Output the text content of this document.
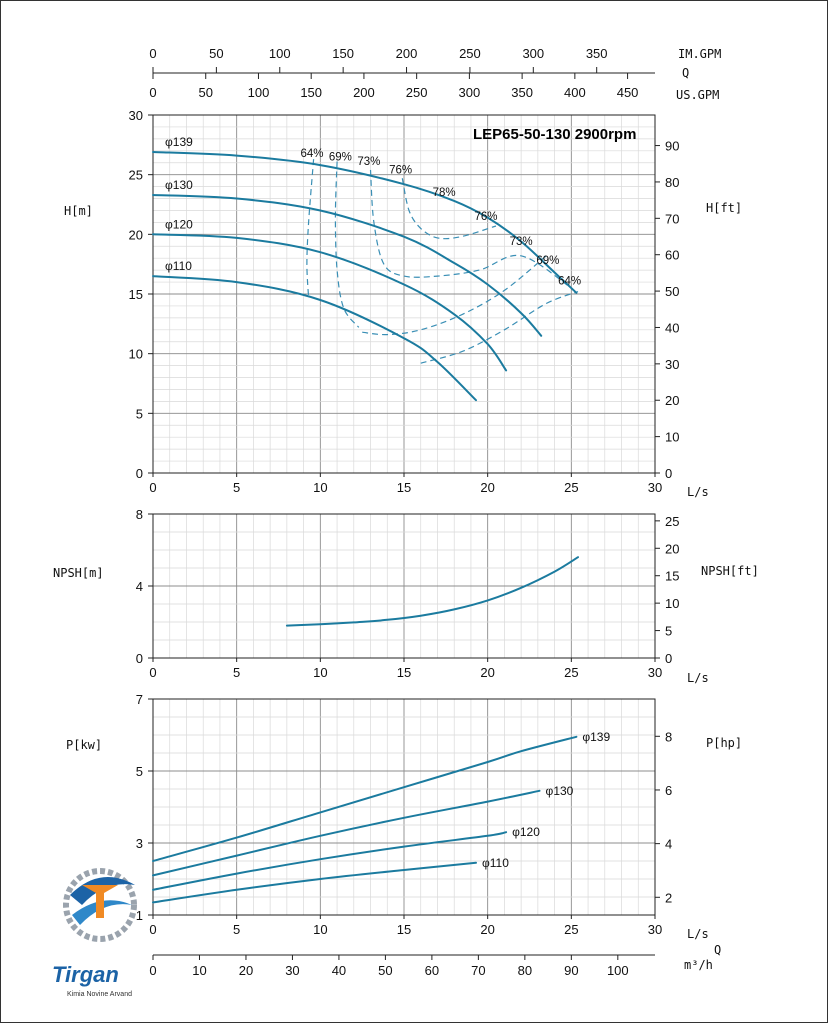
0	50	100	150	200	250	300	350
0	50	100 150 200 250 300 350 400 450
IM.GPM
Q
US.GPM
0	5	10	15	20	25	30
0
5
10
15
20
25
30
0
10
20
30
40
50
60
70
80
90
φ139
φ130
φ120
φ110
64% 69% 73%
76%
78%
76%
73%
69%
64%
LEP65-50-130 2900rpm
H[m]	H[ft]
L/s
0	5	10	15	20	25	30
0
4
8
0
5
10
15
20
25
NPSH[m]	NPSH[ft]
L/s
0	5	10	15	20	25	30
1
3
5
7
2
4
6
8
φ139
φ130
φ120
φ110
0	10 20 30 40 50 60 70 80 90 100
P[kw]	P[hp]
L/s
Q
m³/h
Tirgan
Kimia Novine Arvand
